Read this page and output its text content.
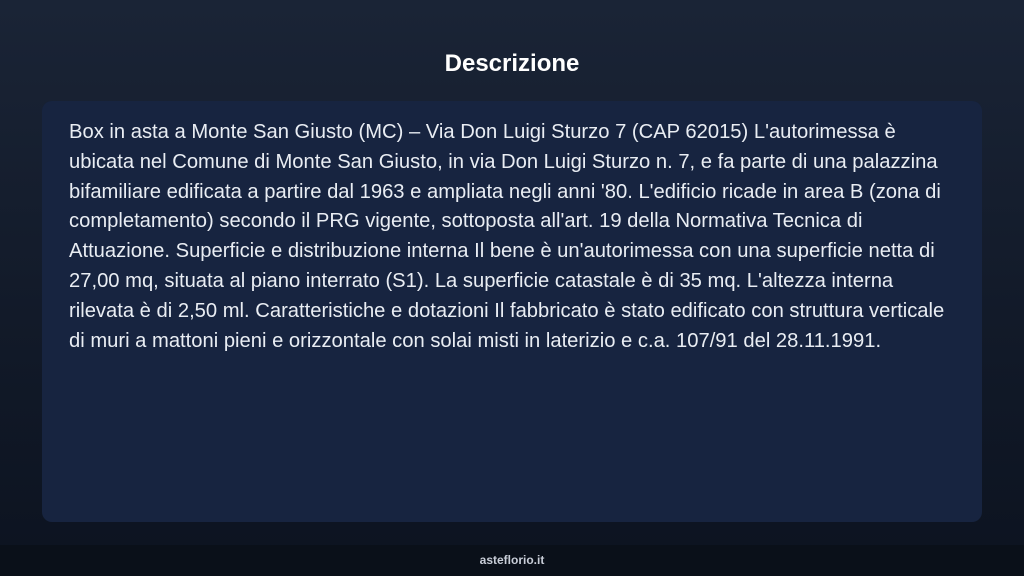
Descrizione

Box in asta a Monte San Giusto (MC) – Via Don Luigi Sturzo 7 (CAP 62015) L'autorimessa è ubicata nel Comune di Monte San Giusto, in via Don Luigi Sturzo n. 7, e fa parte di una palazzina bifamiliare edificata a partire dal 1963 e ampliata negli anni '80. L'edificio ricade in area B (zona di completamento) secondo il PRG vigente, sottoposta all'art. 19 della Normativa Tecnica di Attuazione. Superficie e distribuzione interna Il bene è un'autorimessa con una superficie netta di 27,00 mq, situata al piano interrato (S1). La superficie catastale è di 35 mq. L'altezza interna rilevata è di 2,50 ml. Caratteristiche e dotazioni Il fabbricato è stato edificato con struttura verticale di muri a mattoni pieni e orizzontale con solai misti in laterizio e c.a. 107/91 del 28.11.1991.

asteflorio.it
